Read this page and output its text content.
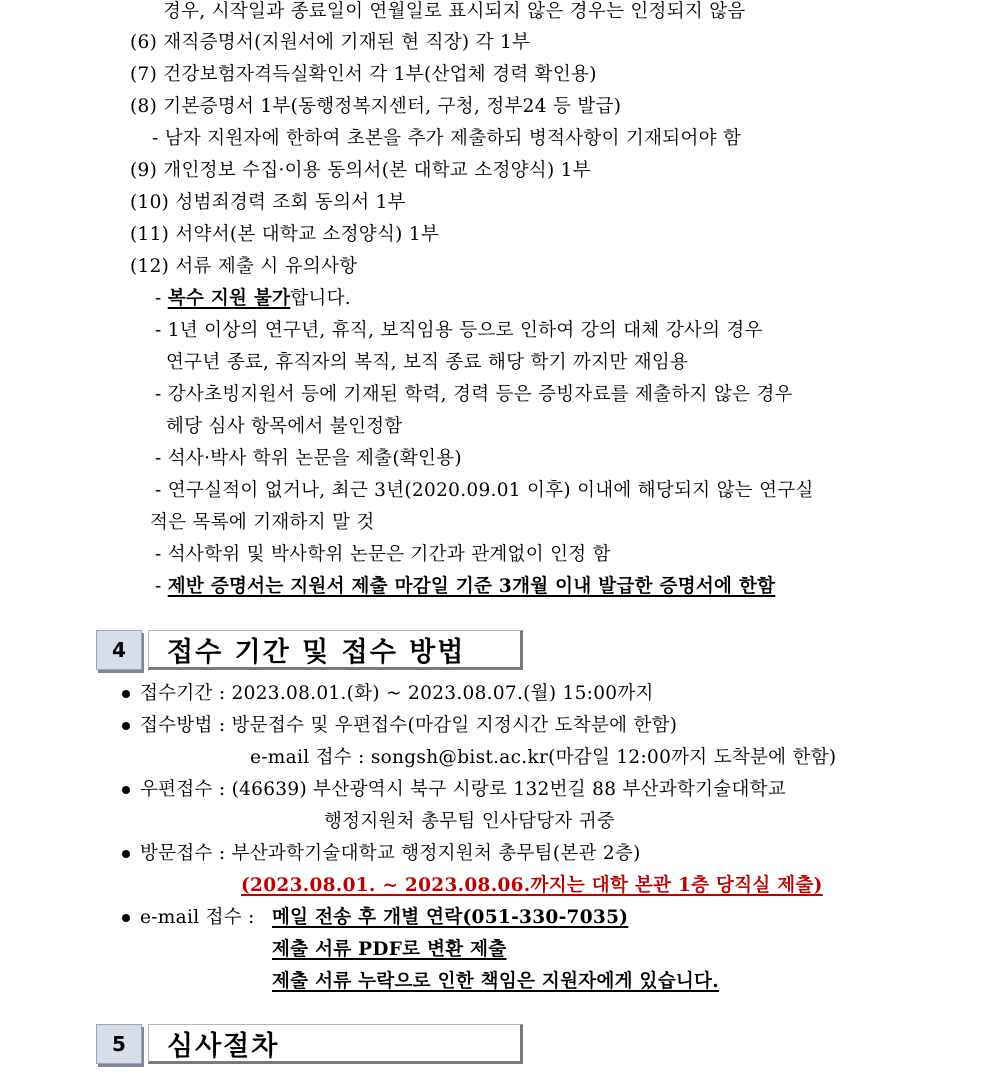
경우, 시작일과 종료일이 연월일로 표시되지 않은 경우는 인정되지 않음
(6) 재직증명서(지원서에 기재된 현 직장) 각 1부
(7) 건강보험자격득실확인서 각 1부(산업체 경력 확인용)
(8) 기본증명서 1부(동행정복지센터, 구청, 정부24 등 발급)
- 남자 지원자에 한하여 초본을 추가 제출하되 병적사항이 기재되어야 함
(9) 개인정보 수집·이용 동의서(본 대학교 소정양식) 1부
(10) 성범죄경력 조회 동의서 1부
(11) 서약서(본 대학교 소정양식) 1부
(12) 서류 제출 시 유의사항
- 복수 지원 불가합니다.
- 1년 이상의 연구년, 휴직, 보직임용 등으로 인하여 강의 대체 강사의 경우
연구년 종료, 휴직자의 복직, 보직 종료 해당 학기 까지만 재임용
- 강사초빙지원서 등에 기재된 학력, 경력 등은 증빙자료를 제출하지 않은 경우
헤당 심사 항목에서 불인정함
- 석사·박사 학위 논문을 제출(확인용)
- 연구실적이 없거나, 최근 3년(2020.09.01 이후) 이내에 해당되지 않는 연구실
적은 목록에 기재하지 말 것
- 석사학위 및 박사학위 논문은 기간과 관계없이 인정 함
- 제반 증명서는 지원서 제출 마감일 기준 3개월 이내 발급한 증명서에 한함
4	접수 기간 및 접수 방법
접수기간 : 2023.08.01.(화) ~ 2023.08.07.(월) 15:00까지
접수방법 : 방문접수 및 우편접수(마감일 지정시간 도착분에 한함)
e-mail 접수 : songsh@bist.ac.kr(마감일 12:00까지 도착분에 한함)
우편접수 : (46639) 부산광역시 북구 시랑로 132번길 88 부산과학기술대학교
행정지원처 총무팀 인사담당자 귀중
방문접수 : 부산과학기술대학교 행정지원처 총무팀(본관 2층)
(2023.08.01. ~ 2023.08.06.까지는 대학 본관 1층 당직실 제출)
e-mail 접수 : 메일 전송 후 개별 연락(051-330-7035)
제출 서류 PDF로 변환 제출
제출 서류 누락으로 인한 책임은 지원자에게 있습니다.
5	심사절차
